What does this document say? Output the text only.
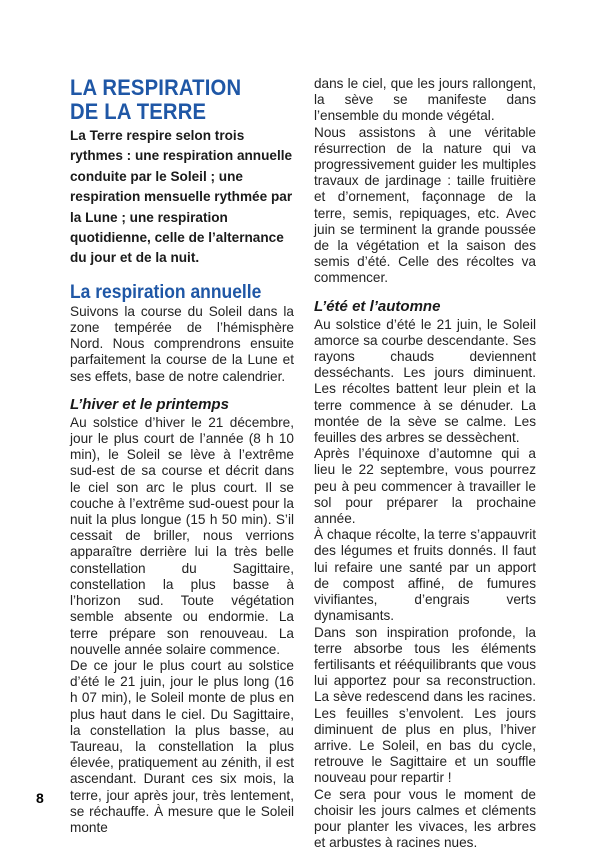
LA RESPIRATION
DE LA TERRE

La Terre respire selon trois rythmes : une respiration annuelle conduite par le Soleil ; une respiration mensuelle rythmée par la Lune ; une respiration quotidienne, celle de l’alternance du jour et de la nuit.

La respiration annuelle

Suivons la course du Soleil dans la zone tempérée de l’hémisphère Nord. Nous comprendrons ensuite parfaitement la course de la Lune et ses effets, base de notre calendrier.

L’hiver et le printemps

Au solstice d’hiver le 21 décembre, jour le plus court de l’année (8 h 10 min), le Soleil se lève à l’extrême sud-est de sa course et décrit dans le ciel son arc le plus court. Il se couche à l’extrême sud-ouest pour la nuit la plus longue (15 h 50 min). S’il cessait de briller, nous verrions apparaître derrière lui la très belle constellation du Sagittaire, constellation la plus basse à l’horizon sud. Toute végétation semble absente ou endormie. La terre prépare son renouveau. La nouvelle année solaire commence.

De ce jour le plus court au solstice d’été le 21 juin, jour le plus long (16 h 07 min), le Soleil monte de plus en plus haut dans le ciel. Du Sagittaire, la constellation la plus basse, au Taureau, la constellation la plus élevée, pratiquement au zénith, il est ascendant. Durant ces six mois, la terre, jour après jour, très lentement, se réchauffe. À mesure que le Soleil monte

dans le ciel, que les jours rallongent, la sève se manifeste dans l’ensemble du monde végétal.

Nous assistons à une véritable résurrection de la nature qui va progressivement guider les multiples travaux de jardinage : taille fruitière et d’ornement, façonnage de la terre, semis, repiquages, etc. Avec juin se terminent la grande poussée de la végétation et la saison des semis d’été. Celle des récoltes va commencer.

L’été et l’automne

Au solstice d’été le 21 juin, le Soleil amorce sa courbe descendante. Ses rayons chauds deviennent desséchants. Les jours diminuent. Les récoltes battent leur plein et la terre commence à se dénuder. La montée de la sève se calme. Les feuilles des arbres se dessèchent.

Après l’équinoxe d’automne qui a lieu le 22 septembre, vous pourrez peu à peu commencer à travailler le sol pour préparer la prochaine année.

À chaque récolte, la terre s’appauvrit des légumes et fruits donnés. Il faut lui refaire une santé par un apport de compost affiné, de fumures vivifiantes, d’engrais verts dynamisants.

Dans son inspiration profonde, la terre absorbe tous les éléments fertilisants et rééquilibrants que vous lui apportez pour sa reconstruction. La sève redescend dans les racines. Les feuilles s’envolent. Les jours diminuent de plus en plus, l’hiver arrive. Le Soleil, en bas du cycle, retrouve le Sagittaire et un souffle nouveau pour repartir !

Ce sera pour vous le moment de choisir les jours calmes et cléments pour planter les vivaces, les arbres et arbustes à racines nues.

8
